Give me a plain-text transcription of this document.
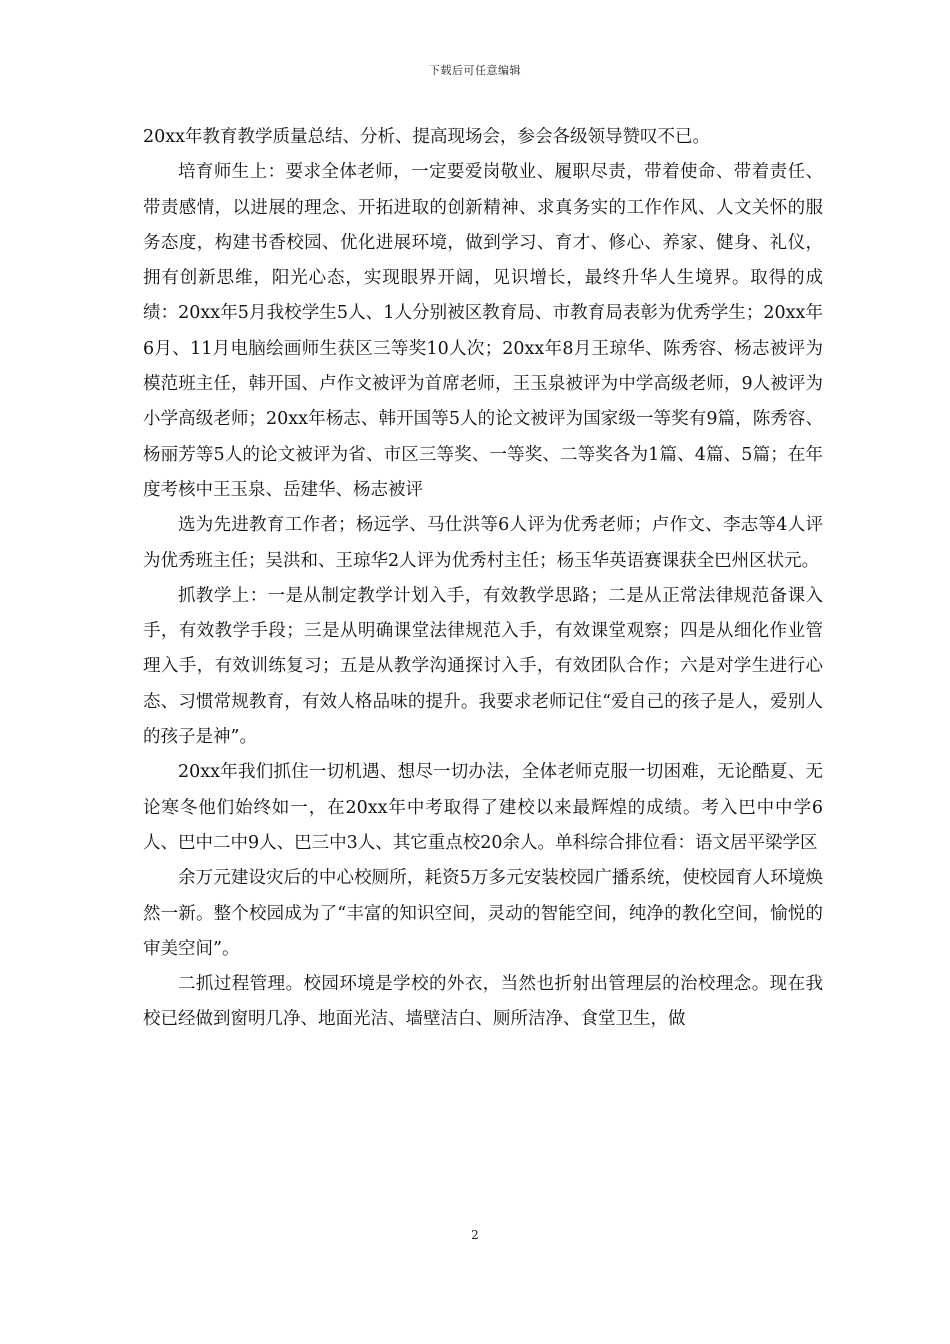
下载后可任意编辑

20xx年教育教学质量总结、分析、提高现场会，参会各级领导赞叹不已。

培育师生上：要求全体老师，一定要爱岗敬业、履职尽责，带着使命、带着责任、带责感情，以进展的理念、开拓进取的创新精神、求真务实的工作作风、人文关怀的服务态度，构建书香校园、优化进展环境，做到学习、育才、修心、养家、健身、礼仪，拥有创新思维，阳光心态，实现眼界开阔，见识增长，最终升华人生境界。取得的成绩：20xx年5月我校学生5人、1人分别被区教育局、市教育局表彰为优秀学生；20xx年6月、11月电脑绘画师生获区三等奖10人次；20xx年8月王琼华、陈秀容、杨志被评为模范班主任，韩开国、卢作文被评为首席老师，王玉泉被评为中学高级老师，9人被评为小学高级老师；20xx年杨志、韩开国等5人的论文被评为国家级一等奖有9篇，陈秀容、杨丽芳等5人的论文被评为省、市区三等奖、一等奖、二等奖各为1篇、4篇、5篇；在年度考核中王玉泉、岳建华、杨志被评

选为先进教育工作者；杨远学、马仕洪等6人评为优秀老师；卢作文、李志等4人评为优秀班主任；吴洪和、王琼华2人评为优秀村主任；杨玉华英语赛课获全巴州区状元。

抓教学上：一是从制定教学计划入手，有效教学思路；二是从正常法律规范备课入手，有效教学手段；三是从明确课堂法律规范入手，有效课堂观察；四是从细化作业管理入手，有效训练复习；五是从教学沟通探讨入手，有效团队合作；六是对学生进行心态、习惯常规教育，有效人格品味的提升。我要求老师记住“爱自己的孩子是人，爱别人的孩子是神”。

20xx年我们抓住一切机遇、想尽一切办法，全体老师克服一切困难，无论酷夏、无论寒冬他们始终如一，在20xx年中考取得了建校以来最辉煌的成绩。考入巴中中学6人、巴中二中9人、巴三中3人、其它重点校20余人。单科综合排位看：语文居平梁学区

余万元建设灾后的中心校厕所，耗资5万多元安装校园广播系统，使校园育人环境焕然一新。整个校园成为了“丰富的知识空间，灵动的智能空间，纯净的教化空间，愉悦的审美空间”。

二抓过程管理。校园环境是学校的外衣，当然也折射出管理层的治校理念。现在我校已经做到窗明几净、地面光洁、墙壁洁白、厕所洁净、食堂卫生，做

2
